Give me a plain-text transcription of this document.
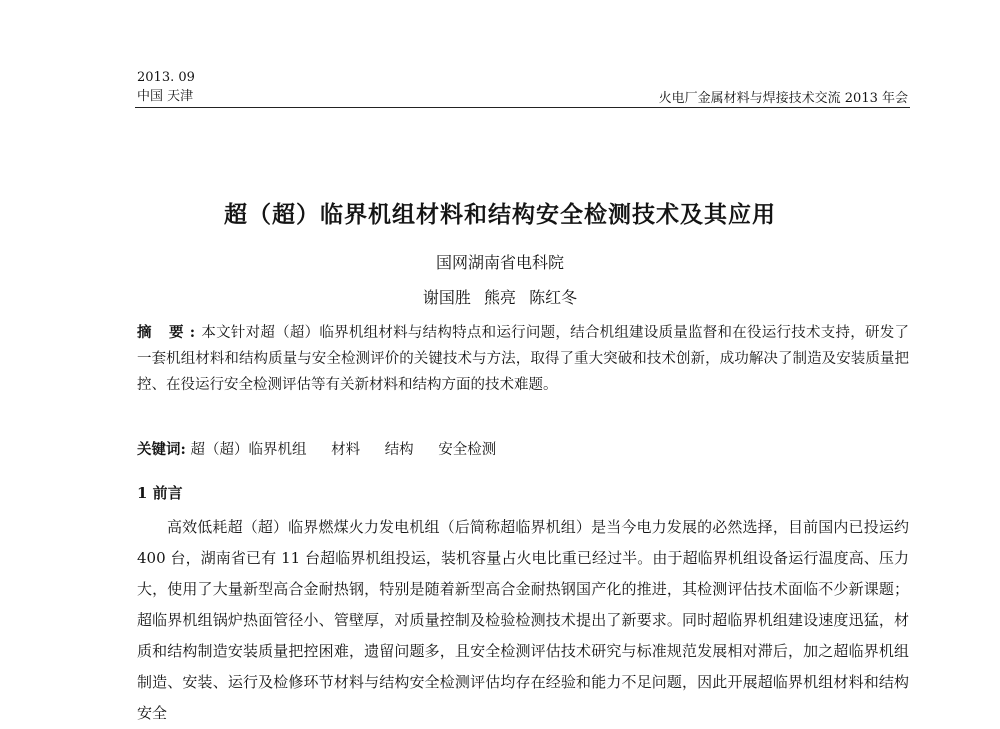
2013. 09
中国 天津	火电厂金属材料与焊接技术交流 2013 年会
超（超）临界机组材料和结构安全检测技术及其应用
国网湖南省电科院
谢国胜 熊亮 陈红冬
摘 要:本文针对超（超）临界机组材料与结构特点和运行问题，结合机组建设质量监督和在役运行技术支持，研发了一套机组材料和结构质量与安全检测评价的关键技术与方法，取得了重大突破和技术创新，成功解决了制造及安装质量把控、在役运行安全检测评估等有关新材料和结构方面的技术难题。
关键词: 超（超）临界机组 材料 结构 安全检测
1 前言
高效低耗超（超）临界燃煤火力发电机组（后简称超临界机组）是当今电力发展的必然选择，目前国内已投运约 400 台，湖南省已有 11 台超临界机组投运，装机容量占火电比重已经过半。由于超临界机组设备运行温度高、压力大，使用了大量新型高合金耐热钢，特别是随着新型高合金耐热钢国产化的推进，其检测评估技术面临不少新课题；超临界机组锅炉热面管径小、管壁厚，对质量控制及检验检测技术提出了新要求。同时超临界机组建设速度迅猛，材质和结构制造安装质量把控困难，遗留问题多，且安全检测评估技术研究与标准规范发展相对滞后，加之超临界机组制造、安装、运行及检修环节材料与结构安全检测评估均存在经验和能力不足问题，因此开展超临界机组材料和结构安全
